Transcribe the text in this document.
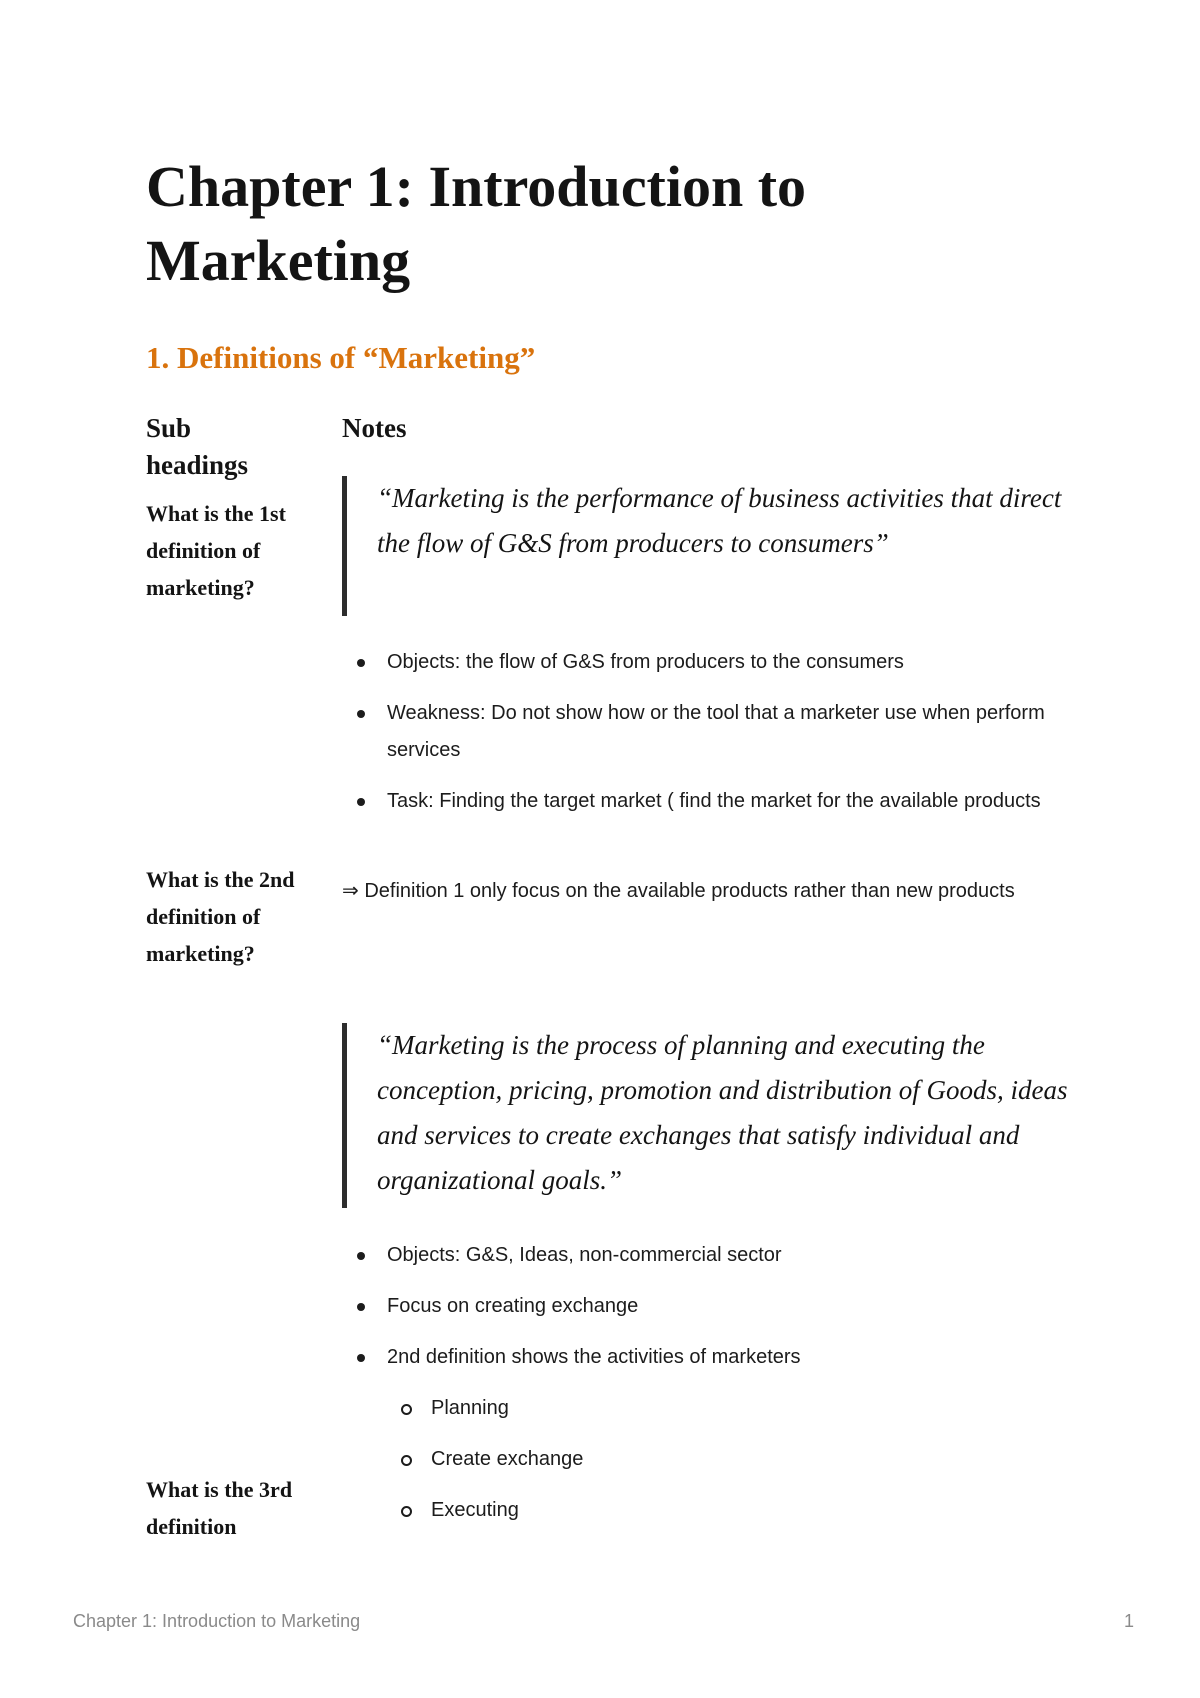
Chapter 1: Introduction to Marketing
1. Definitions of “Marketing”
Sub headings
Notes
What is the 1st definition of marketing?
What is the 2nd definition of marketing?
What is the 3rd definition
“Marketing is the performance of business activities that direct the flow of G&S from producers to consumers”
Objects: the flow of G&S from producers to the consumers
Weakness: Do not show how or the tool that a marketer use when perform services
Task: Finding the target market ( find the market for the available products
⇒ Definition 1 only focus on the available products rather than new products
“Marketing is the process of planning and executing the conception, pricing, promotion and distribution of Goods, ideas and services to create exchanges that satisfy individual and organizational goals.”
Objects: G&S, Ideas, non-commercial sector
Focus on creating exchange
2nd definition shows the activities of marketers
Planning
Create exchange
Executing
Chapter 1: Introduction to Marketing	1
